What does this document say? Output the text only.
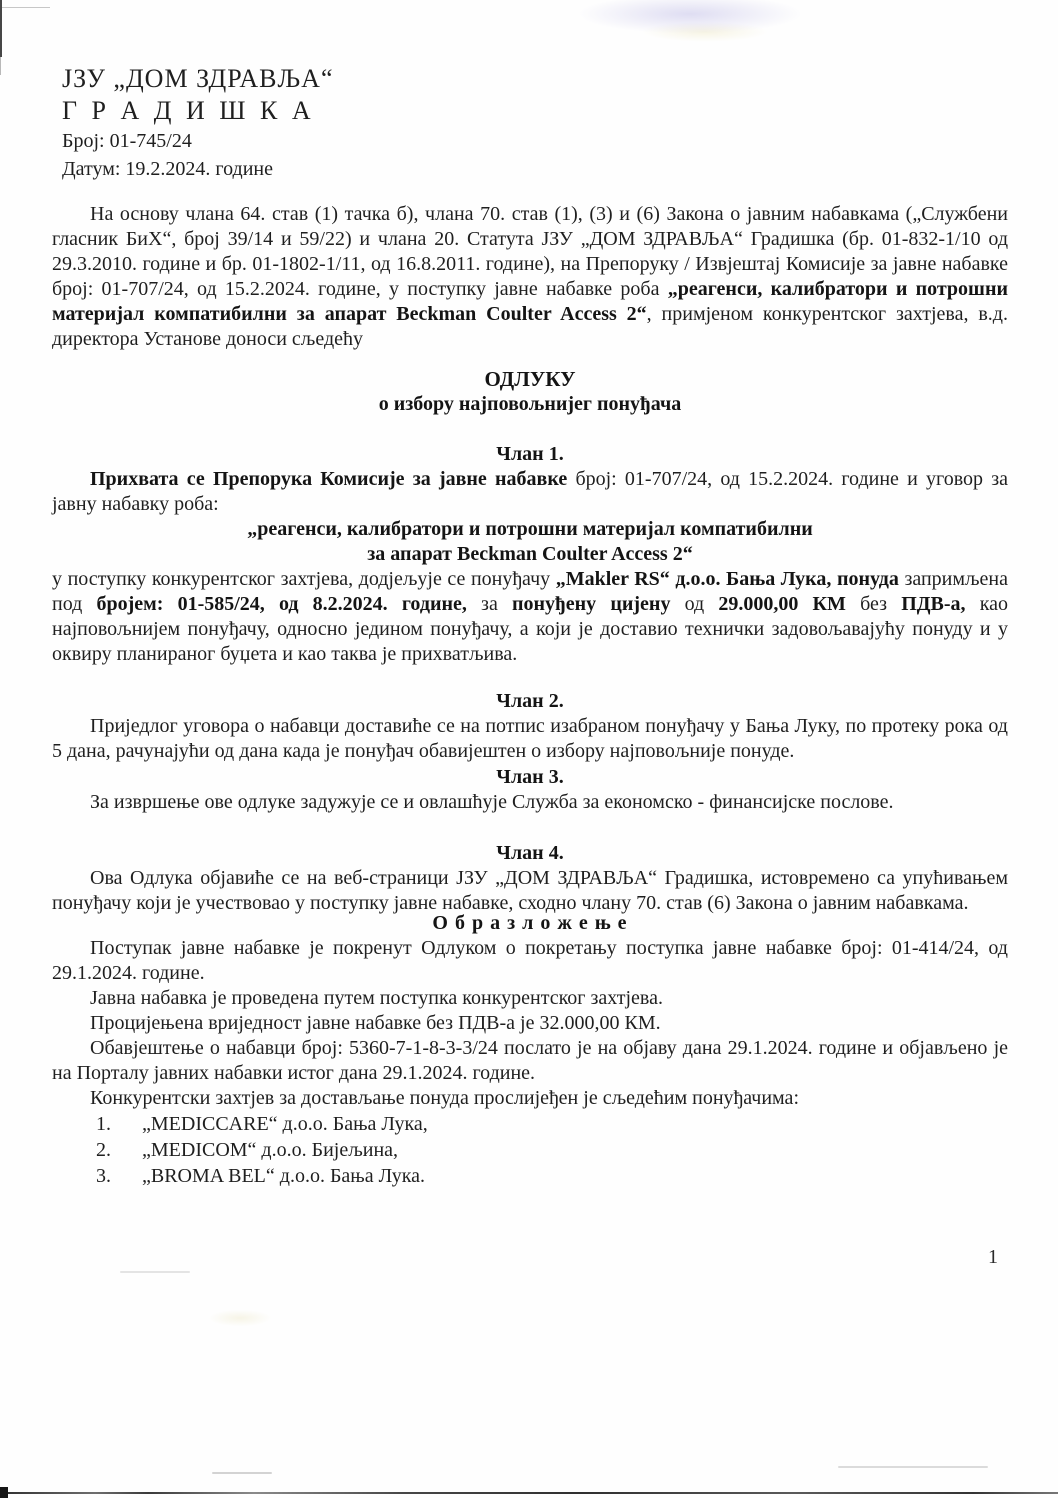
ЈЗУ „ДОМ ЗДРАВЉА“
Г Р А Д И Ш К А
Број: 01-745/24
Датум: 19.2.2024. године

На основу члана 64. став (1) тачка б), члана 70. став (1), (3) и (6) Закона о јавним набавкама („Службени гласник БиХ“, број 39/14 и 59/22) и члана 20. Статута ЈЗУ „ДОМ ЗДРАВЉА“ Градишка (бр. 01-832-1/10 од 29.3.2010. године и бр. 01-1802-1/11, од 16.8.2011. године), на Препоруку / Извјештај Комисије за јавне набавке број: 01-707/24, од 15.2.2024. године, у поступку јавне набавке роба „реагенси, калибратори и потрошни материјал компатибилни за апарат Beckman Coulter Access 2“, примјеном конкурентског захтјева, в.д. директора Установе доноси сљедећу

ОДЛУКУ
о избору најповољнијег понуђача
Члан 1.

Прихвата се Препорука Комисије за јавне набавке број: 01-707/24, од 15.2.2024. године и уговор за јавну набавку роба:

„реагенси, калибратори и потрошни материјал компатибилни
за апарат Beckman Coulter Access 2“

у поступку конкурентског захтјева, додјељује се понуђачу „Makler RS“ д.о.о. Бања Лука, понуда запримљена под бројем: 01-585/24, од 8.2.2024. године, за понуђену цијену од 29.000,00 КМ без ПДВ-а, као најповољнијем понуђачу, односно једином понуђачу, а који је доставио технички задовољавајућу понуду и у оквиру планираног буџета и као таква је прихватљива.

Члан 2.

Приједлог уговора о набавци доставиће се на потпис изабраном понуђачу у Бања Луку, по протеку рока од 5 дана, рачунајући од дана када је понуђач обавијештен о избору најповољније понуде.

Члан 3.

За извршење ове одлуке задужује се и овлашћује Служба за економско - финансијске послове.

Члан 4.

Ова Одлука објавиће се на веб-страници ЈЗУ „ДОМ ЗДРАВЉА“ Градишка, истовремено са упућивањем понуђачу који је учествовао у поступку јавне набавке, сходно члану 70. став (6) Закона о јавним набавкама.

О б р а з л о ж е њ е

Поступак јавне набавке је покренут Одлуком о покретању поступка јавне набавке број: 01-414/24, од 29.1.2024. године.

Јавна набавка је проведена путем поступка конкурентског захтјева.

Процијењена вриједност јавне набавке без ПДВ-а је 32.000,00 КМ.

Обавјештење о набавци број: 5360-7-1-8-3-3/24 послато је на објаву дана 29.1.2024. године и објављено је на Порталу јавних набавки истог дана 29.1.2024. године.

Конкурентски захтјев за достављање понуда прослијеђен је сљедећим понуђачима:

1.	„MEDICCARE“ д.о.о. Бања Лука,
2.	„MEDICOM“ д.о.о. Бијељина,
3.	„BROMA BEL“ д.о.о. Бања Лука.
1
